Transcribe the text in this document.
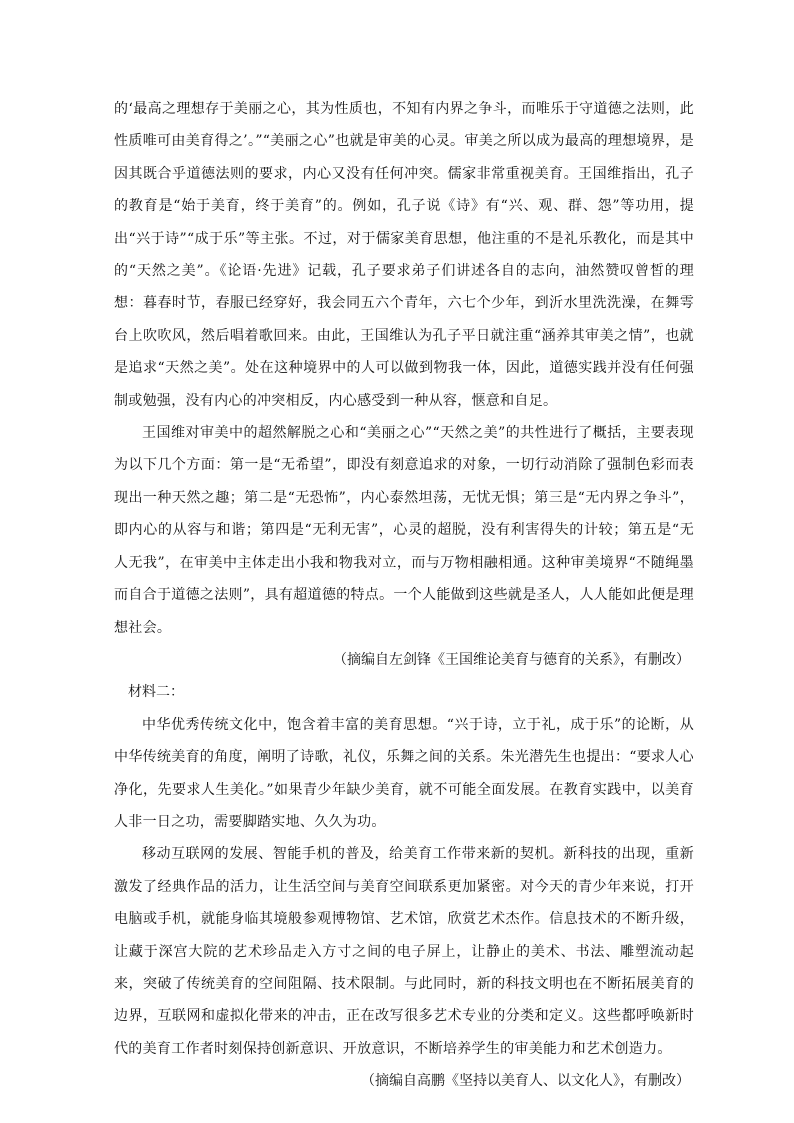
的‘最高之理想存于美丽之心，其为性质也，不知有内界之争斗，而唯乐于守道德之法则，此性质唯可由美育得之’。”“美丽之心”也就是审美的心灵。审美之所以成为最高的理想境界，是因其既合乎道德法则的要求，内心又没有任何冲突。儒家非常重视美育。王国维指出，孔子的教育是“始于美育，终于美育”的。例如，孔子说《诗》有“兴、观、群、怨”等功用，提出“兴于诗”“成于乐”等主张。不过，对于儒家美育思想，他注重的不是礼乐教化，而是其中的“天然之美”。《论语·先进》记载，孔子要求弟子们讲述各自的志向，油然赞叹曾皙的理想：暮春时节，春服已经穿好，我会同五六个青年，六七个少年，到沂水里洗洗澡，在舞雩台上吹吹风，然后唱着歌回来。由此，王国维认为孔子平日就注重“涵养其审美之情”，也就是追求“天然之美”。处在这种境界中的人可以做到物我一体，因此，道德实践并没有任何强制或勉强，没有内心的冲突相反，内心感受到一种从容，惬意和自足。

王国维对审美中的超然解脱之心和“美丽之心”“天然之美”的共性进行了概括，主要表现为以下几个方面：第一是“无希望”，即没有刻意追求的对象，一切行动消除了强制色彩而表现出一种天然之趣；第二是“无恐怖”，内心泰然坦荡，无忧无惧；第三是“无内界之争斗”，即内心的从容与和谐；第四是“无利无害”，心灵的超脱，没有利害得失的计较；第五是“无人无我”，在审美中主体走出小我和物我对立，而与万物相融相通。这种审美境界“不随绳墨而自合于道德之法则”，具有超道德的特点。一个人能做到这些就是圣人，人人能如此便是理想社会。

（摘编自左剑锋《王国维论美育与德育的关系》，有删改）

材料二：

中华优秀传统文化中，饱含着丰富的美育思想。“兴于诗，立于礼，成于乐”的论断，从中华传统美育的角度，阐明了诗歌，礼仪，乐舞之间的关系。朱光潜先生也提出：“要求人心净化，先要求人生美化。”如果青少年缺少美育，就不可能全面发展。在教育实践中，以美育人非一日之功，需要脚踏实地、久久为功。

移动互联网的发展、智能手机的普及，给美育工作带来新的契机。新科技的出现，重新激发了经典作品的活力，让生活空间与美育空间联系更加紧密。对今天的青少年来说，打开电脑或手机，就能身临其境般参观博物馆、艺术馆，欣赏艺术杰作。信息技术的不断升级，让藏于深宫大院的艺术珍品走入方寸之间的电子屏上，让静止的美术、书法、雕塑流动起来，突破了传统美育的空间阻隔、技术限制。与此同时，新的科技文明也在不断拓展美育的边界，互联网和虚拟化带来的冲击，正在改写很多艺术专业的分类和定义。这些都呼唤新时代的美育工作者时刻保持创新意识、开放意识，不断培养学生的审美能力和艺术创造力。

（摘编自高鹏《坚持以美育人、以文化人》，有删改）
